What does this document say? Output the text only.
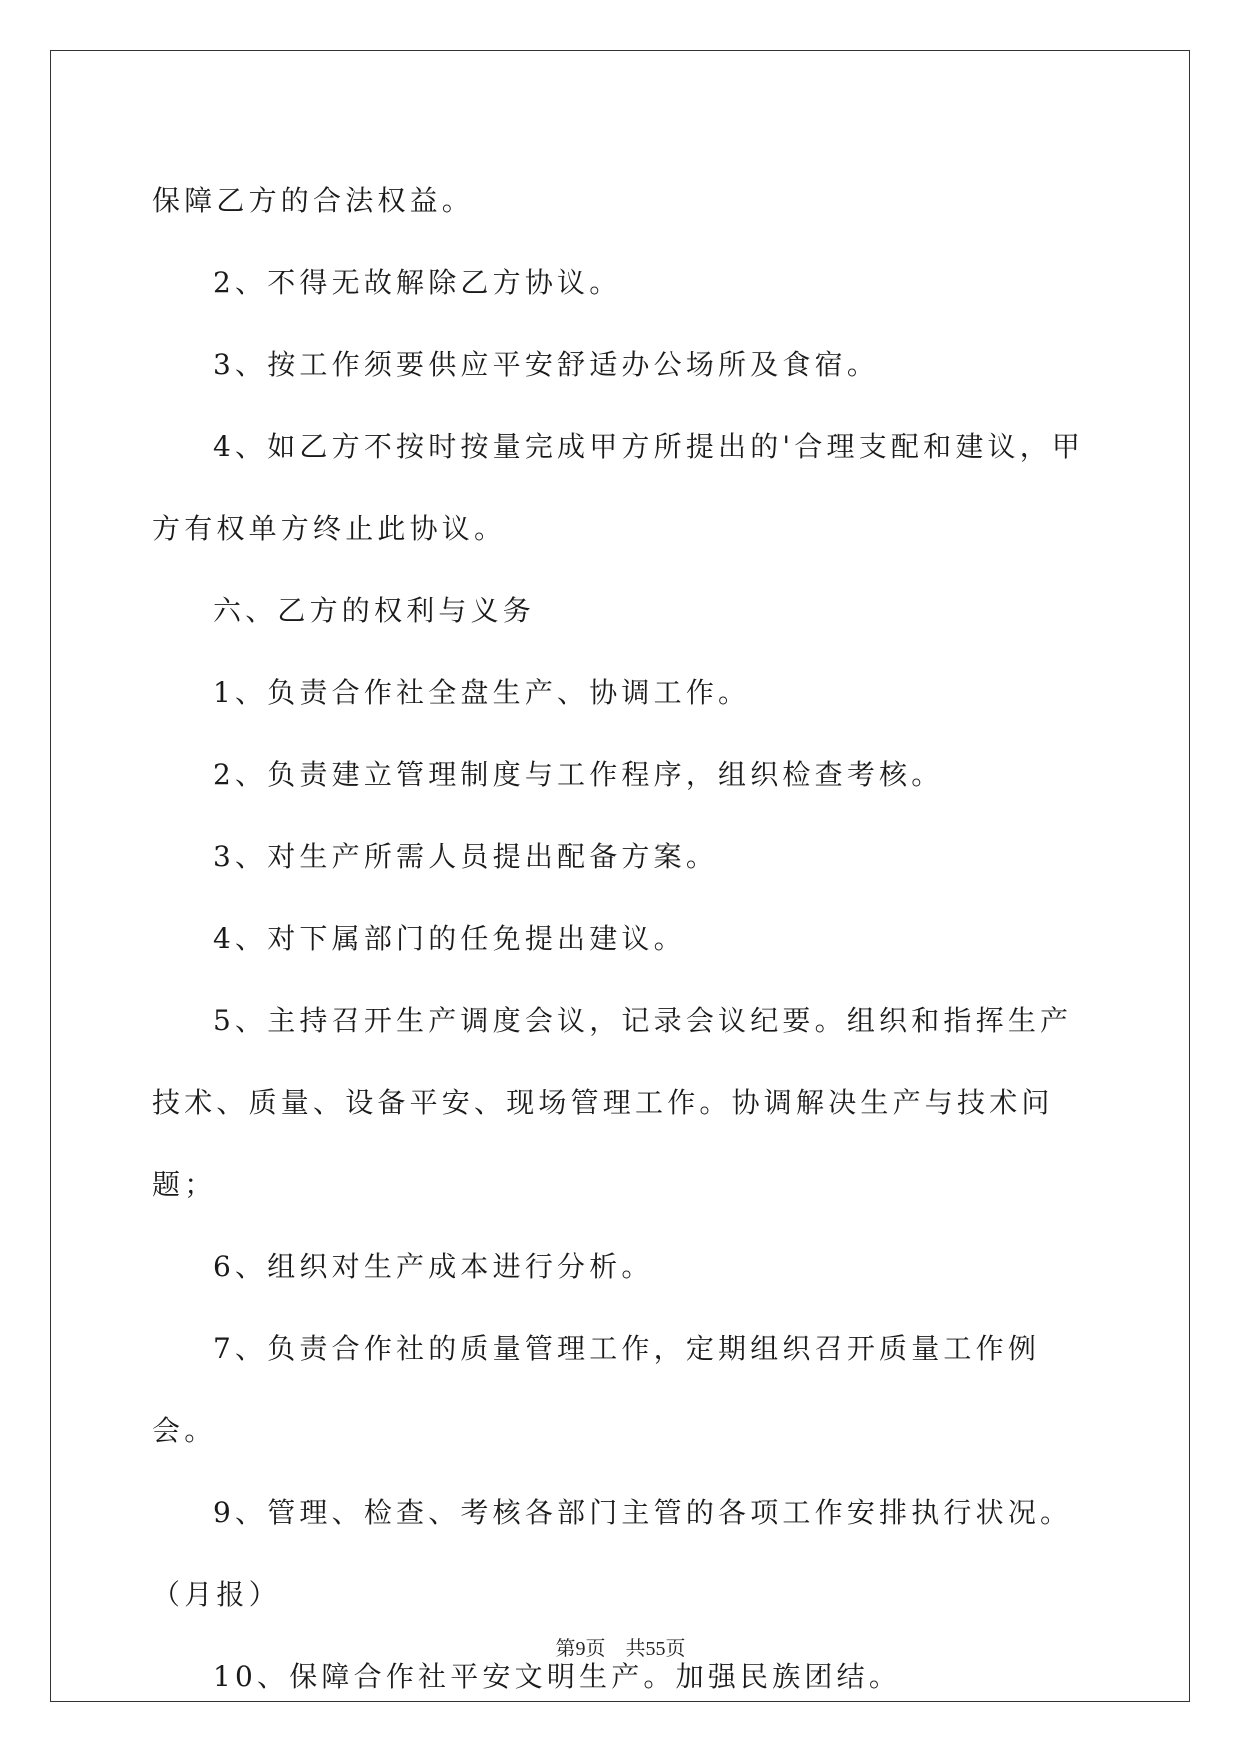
保障乙方的合法权益。

2、不得无故解除乙方协议。

3、按工作须要供应平安舒适办公场所及食宿。

4、如乙方不按时按量完成甲方所提出的'合理支配和建议，甲方有权单方终止此协议。

六、乙方的权利与义务

1、负责合作社全盘生产、协调工作。

2、负责建立管理制度与工作程序，组织检查考核。

3、对生产所需人员提出配备方案。

4、对下属部门的任免提出建议。

5、主持召开生产调度会议，记录会议纪要。组织和指挥生产技术、质量、设备平安、现场管理工作。协调解决生产与技术问题；

6、组织对生产成本进行分析。

7、负责合作社的质量管理工作，定期组织召开质量工作例会。

9、管理、检查、考核各部门主管的各项工作安排执行状况。（月报）

10、保障合作社平安文明生产。加强民族团结。

第9页 共55页
